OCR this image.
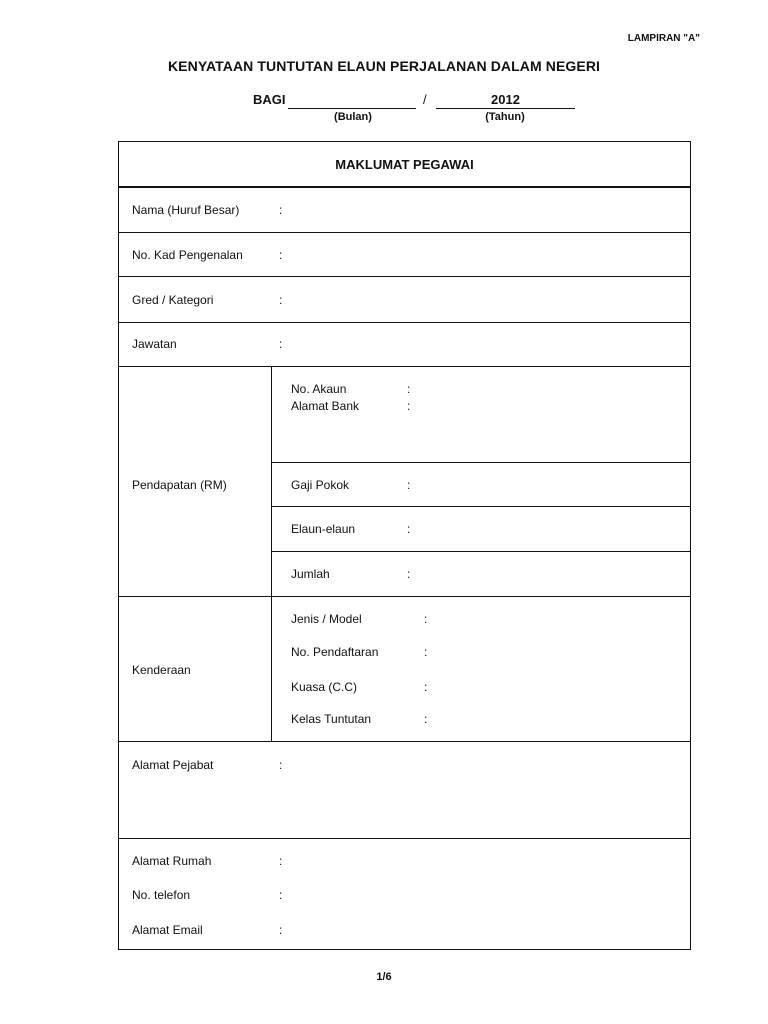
LAMPIRAN "A"
KENYATAAN TUNTUTAN ELAUN PERJALANAN DALAM NEGERI
BAGI	/	2012
(Bulan)	(Tahun)
MAKLUMAT PEGAWAI
Nama (Huruf Besar)	:
No. Kad Pengenalan	:
Gred / Kategori	:
Jawatan	:
Pendapatan (RM)
No. Akaun	:
Alamat Bank	:
Gaji Pokok	:
Elaun-elaun	:
Jumlah	:
Kenderaan
Jenis / Model	:
No. Pendaftaran	:
Kuasa (C.C)	:
Kelas Tuntutan	:
Alamat Pejabat	:
Alamat Rumah	:
No. telefon	:
Alamat Email	:
1/6
